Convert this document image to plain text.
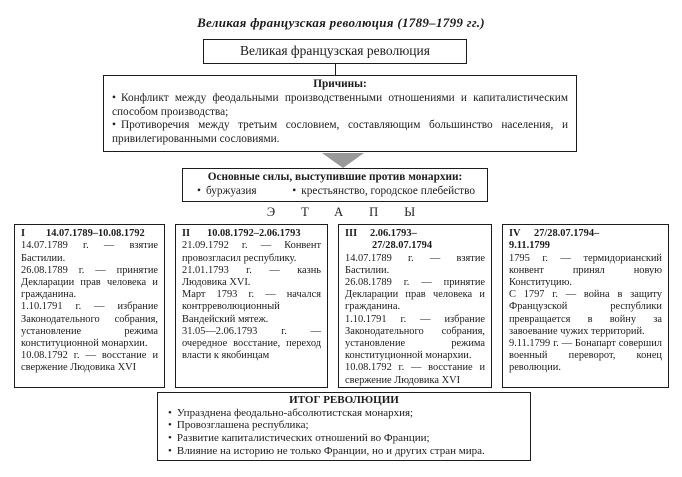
Великая французская революция (1789–1799 гг.)
Великая французская революция
Причины:

• Конфликт между феодальными производственными отношениями и капиталистическим способом производства;

• Противоречия между третьим сословием, составляющим большинство населения, и привилегированными сословиями.

Основные силы, выступившие против монархии:
• буржуазия	• крестьянство, городское плебейство
ЭТАПЫ
I 14.07.1789–10.08.1792

14.07.1789 г. — взятие Бастилии.

26.08.1789 г. — принятие Декларации прав человека и гражданина.

1.10.1791 г. — избрание Законодательного собрания, установление режима конституционной монархии.

10.08.1792 г. — восстание и свержение Людовика XVI

II 10.08.1792–2.06.1793

21.09.1792 г. — Конвент провозгласил республику.

21.01.1793 г. — казнь Людовика XVI.

Март 1793 г. — начался контрреволюционный Вандейский мятеж.

31.05—2.06.1793 г. — очередное восстание, переход власти к якобинцам

III 2.06.1793–
27/28.07.1794

14.07.1789 г. — взятие Бастилии.

26.08.1789 г. — принятие Декларации прав человека и гражданина.

1.10.1791 г. — избрание Законодательного собрания, установление режима конституционной монархии.

10.08.1792 г. — восстание и свержение Людовика XVI

IV 27/28.07.1794–
9.11.1799

1795 г. — термидорианский конвент принял новую Конституцию.

С 1797 г. — война в защиту Французской республики превращается в войну за завоевание чужих территорий.

9.11.1799 г. — Бонапарт совершил военный переворот, конец революции.

ИТОГ РЕВОЛЮЦИИ

• Упразднена феодально-абсолютистская монархия;

• Провозглашена республика;

• Развитие капиталистических отношений во Франции;

• Влияние на историю не только Франции, но и других стран мира.
